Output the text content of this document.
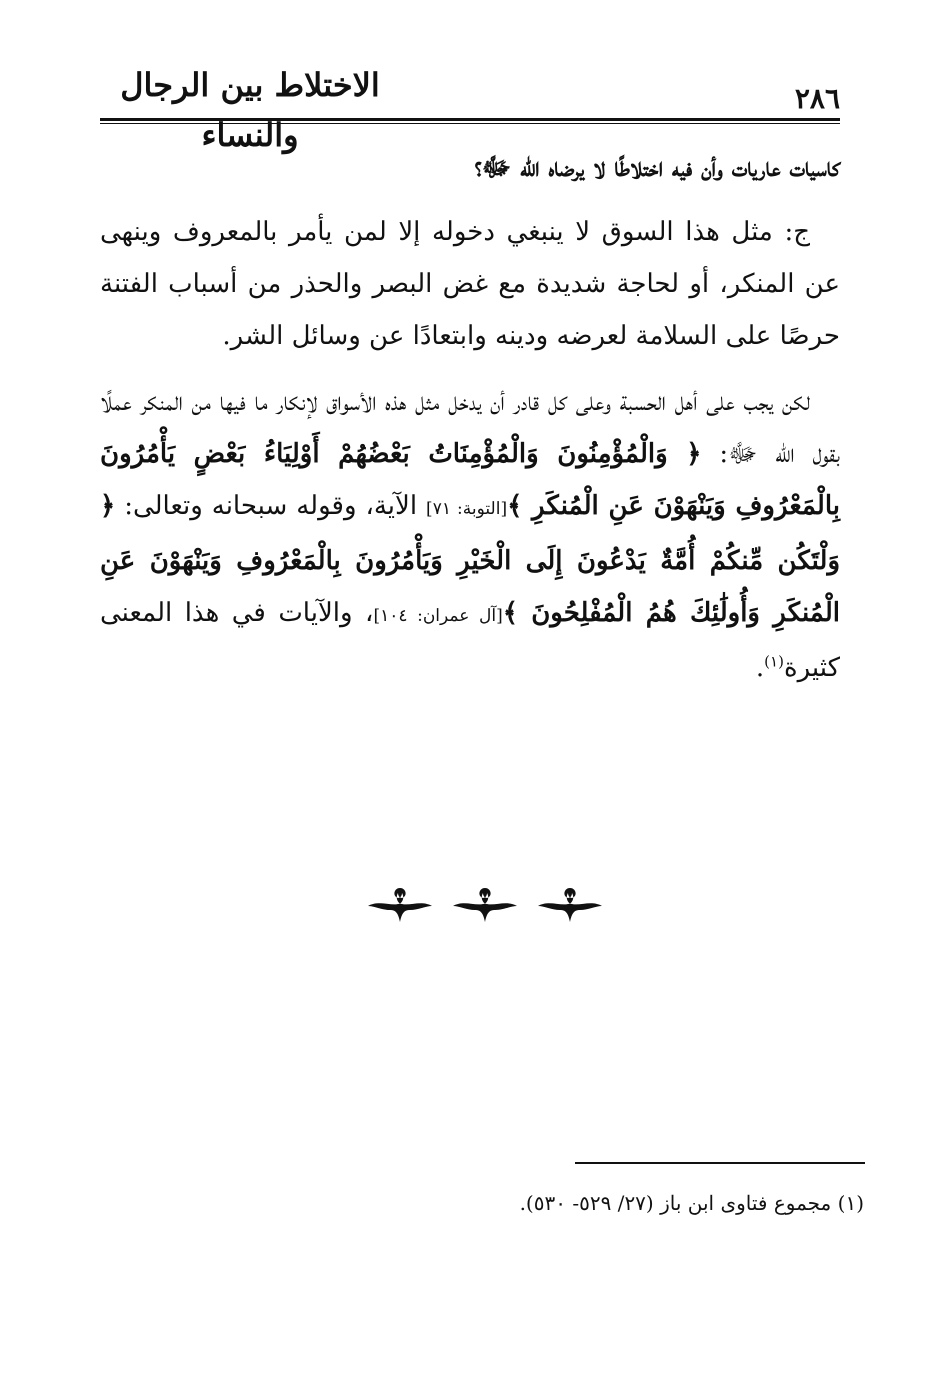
٢٨٦
الاختلاط بين الرجال والنساء

كاسيات عاريات وأن فيه اختلاطًا لا يرضاه الله ﷻ؟

ج: مثل هذا السوق لا ينبغي دخوله إلا لمن يأمر بالمعروف وينهى عن المنكر، أو لحاجة شديدة مع غض البصر والحذر من أسباب الفتنة حرصًا على السلامة لعرضه ودينه وابتعادًا عن وسائل الشر.

لكن يجب على أهل الحسبة وعلى كل قادر أن يدخل مثل هذه الأسواق لإنكار ما فيها من المنكر عملًا بقول الله ﷻ: ﴿ وَالْمُؤْمِنُونَ وَالْمُؤْمِنَاتُ بَعْضُهُمْ أَوْلِيَاءُ بَعْضٍ يَأْمُرُونَ بِالْمَعْرُوفِ وَيَنْهَوْنَ عَنِ الْمُنكَرِ ﴾[التوبة: ٧١] الآية، وقوله سبحانه وتعالى: ﴿ وَلْتَكُن مِّنكُمْ أُمَّةٌ يَدْعُونَ إِلَى الْخَيْرِ وَيَأْمُرُونَ بِالْمَعْرُوفِ وَيَنْهَوْنَ عَنِ الْمُنكَرِ وَأُولَٰئِكَ هُمُ الْمُفْلِحُونَ ﴾[آل عمران: ١٠٤]، والآيات في هذا المعنى كثيرة$^{(١)}$.

(١) مجموع فتاوى ابن باز (٢٧/ ٥٢٩- ٥٣٠).
